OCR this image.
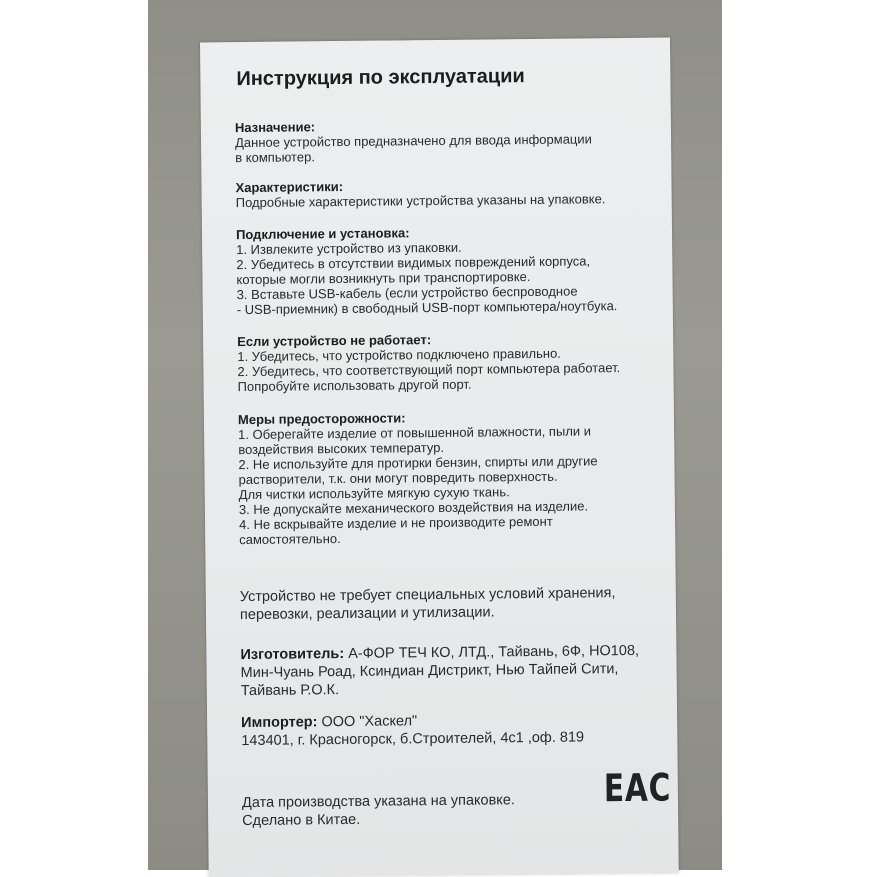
Инструкция по эксплуатации
Назначение:
Данное устройство предназначено для ввода информации
в компьютер.
Характеристики:
Подробные характеристики устройства указаны на упаковке.
Подключение и установка:
1. Извлеките устройство из упаковки.
2. Убедитесь в отсутствии видимых повреждений корпуса,
которые могли возникнуть при транспортировке.
3. Вставьте USB-кабель (если устройство беспроводное
- USB-приемник) в свободный USB-порт компьютера/ноутбука.
Если устройство не работает:
1. Убедитесь, что устройство подключено правильно.
2. Убедитесь, что соответствующий порт компьютера работает.
Попробуйте использовать другой порт.
Меры предосторожности:
1. Оберегайте изделие от повышенной влажности, пыли и
воздействия высоких температур.
2. Не используйте для протирки бензин, спирты или другие
растворители, т.к. они могут повредить поверхность.
Для чистки используйте мягкую сухую ткань.
3. Не допускайте механического воздействия на изделие.
4. Не вскрывайте изделие и не производите ремонт
самостоятельно.
Устройство не требует специальных условий хранения,
перевозки, реализации и утилизации.
Изготовитель: А-ФОР ТЕЧ КО, ЛТД., Тайвань, 6Ф, НО108,
Мин-Чуань Роад, Ксиндиан Дистрикт, Нью Тайпей Сити,
Тайвань Р.О.К.
Импортер: ООО "Хаскел"
143401, г. Красногорск, б.Строителей, 4с1 ,оф. 819
Дата производства указана на упаковке.
Сделано в Китае.
EAC
